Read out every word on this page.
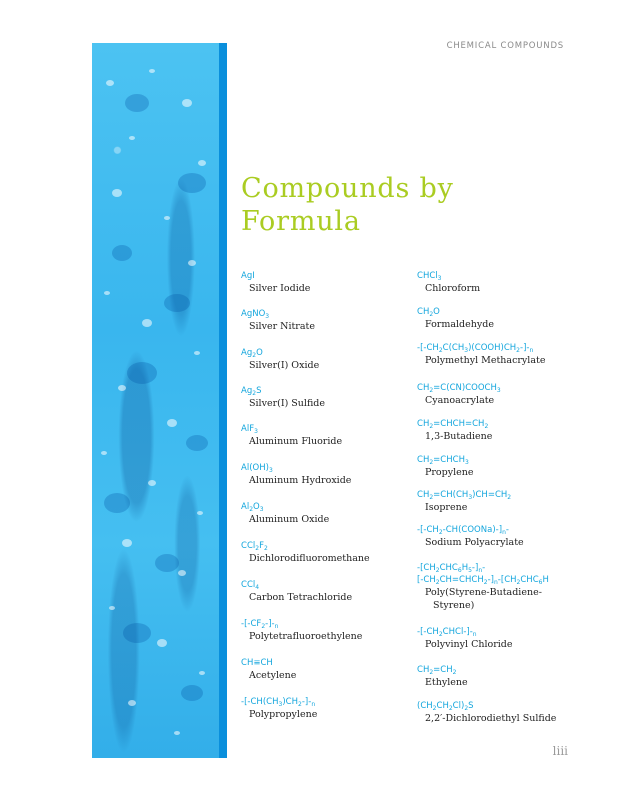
CHEMICAL COMPOUNDS
Compounds by
Formula
AgI
Silver Iodide
AgNO$_3$
Silver Nitrate
$Ag_2O$
Silver(I) Oxide
$Ag_2S$
Silver(I) Sulfide
AlF$_3$
Aluminum Fluoride
$Al(OH)_3$
Aluminum Hydroxide
$Al_2O_3$
Aluminum Oxide
$CCl_2F_2$
Dichlorodifluoromethane
CCl$_4$
Carbon Tetrachloride
$-[-CF_2-]-_n$
Polytetrafluoroethylene
CH≡CH
Acetylene
$-[-CH(CH_3)CH_2-]-_n$
Polypropylene
CHCl$_3$
Chloroform
$CH_2O$
Formaldehyde
$-[-CH_2C(CH_3)(COOH)CH_2-]-_n$
Polymethyl Methacrylate
$CH_2=C(CN)COOCH_3$
Cyanoacrylate
$CH_2=CHCH=CH_2$
1,3-Butadiene
$CH_2=CHCH_3$
Propylene
$CH_2=CH(CH_3)CH=CH_2$
Isoprene
$-[-CH_2-CH(COONa)-]_n-$
Sodium Polyacrylate
$-[CH_2CHC_6H_5-]_n-$
$[-CH_2CH=CHCH_2-]_n-[CH_2CHC_6H$
Poly(Styrene-Butadiene-
Styrene)
$-[-CH_2CHCl-]-_n$
Polyvinyl Chloride
$CH_2=CH_2$
Ethylene
$(CH_2CH_2Cl)_2S$
2,2′-Dichlorodiethyl Sulfide
liii
